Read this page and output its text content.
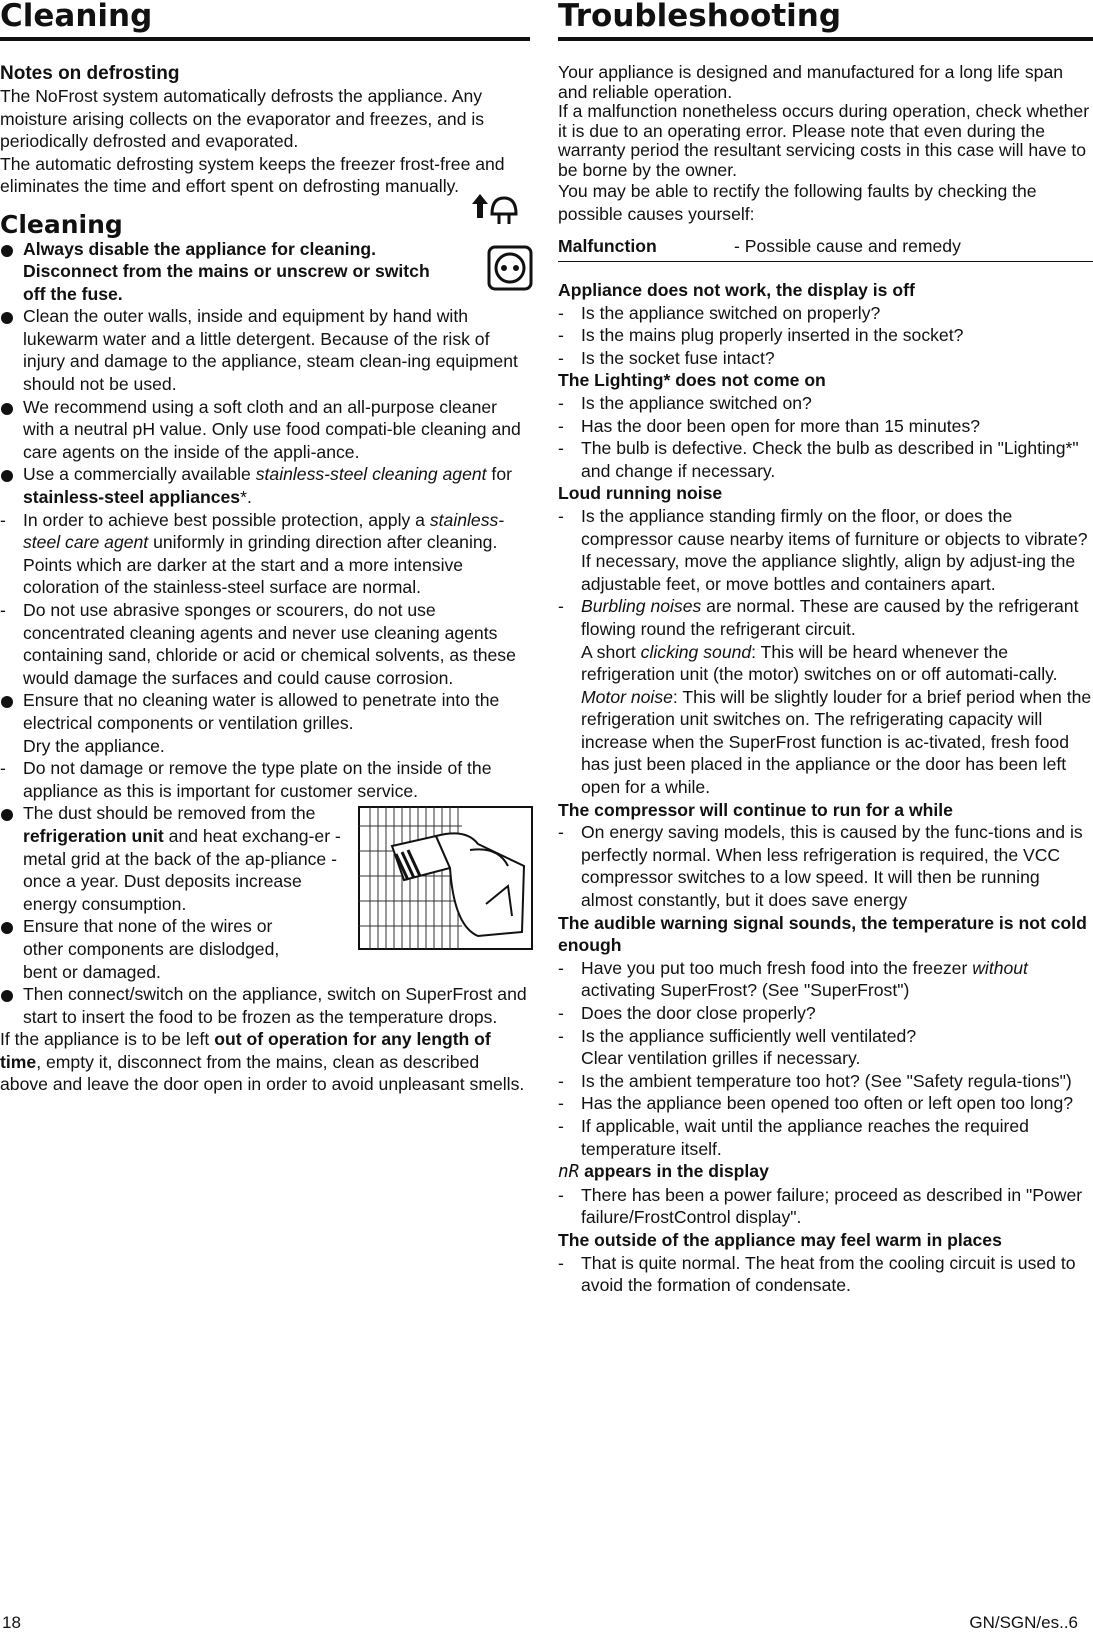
Cleaning
Notes on defrosting

The NoFrost system automatically defrosts the appliance. Any moisture arising collects on the evaporator and freezes, and is periodically defrosted and evaporated.

The automatic defrosting system keeps the freezer frost-free and eliminates the time and effort spent on defrosting manually.

Cleaning
Always disable the appliance for cleaning. Disconnect from the mains or unscrew or switch off the fuse.
Clean the outer walls, inside and equipment by hand with lukewarm water and a little detergent. Because of the risk of injury and damage to the appliance, steam clean-ing equipment should not be used.
We recommend using a soft cloth and an all-purpose cleaner with a neutral pH value. Only use food compati-ble cleaning and care agents on the inside of the appli-ance.
Use a commercially available stainless-steel cleaning agent for stainless-steel appliances*.
- In order to achieve best possible protection, apply a stainless-steel care agent uniformly in grinding direction after cleaning. Points which are darker at the start and a more intensive coloration of the stainless-steel surface are normal.
- Do not use abrasive sponges or scourers, do not use concentrated cleaning agents and never use cleaning agents containing sand, chloride or acid or chemical solvents, as these would damage the surfaces and could cause corrosion.
Ensure that no cleaning water is allowed to penetrate into the electrical components or ventilation grilles.
Dry the appliance.
- Do not damage or remove the type plate on the inside of the appliance as this is important for customer service.
The dust should be removed from the refrigeration unit and heat exchang-er - metal grid at the back of the ap-pliance - once a year. Dust deposits increase energy consumption.
Ensure that none of the wires or other components are dislodged, bent or damaged.
Then connect/switch on the appliance, switch on SuperFrost and start to insert the food to be frozen as the temperature drops.

If the appliance is to be left out of operation for any length of time, empty it, disconnect from the mains, clean as described above and leave the door open in order to avoid unpleasant smells.

Troubleshooting

Your appliance is designed and manufactured for a long life span and reliable operation.

If a malfunction nonetheless occurs during operation, check whether it is due to an operating error. Please note that even during the warranty period the resultant servicing costs in this case will have to be borne by the owner.

You may be able to rectify the following faults by checking the possible causes yourself:

Malfunction	- Possible cause and remedy
Appliance does not work, the display is off
- Is the appliance switched on properly?
- Is the mains plug properly inserted in the socket?
- Is the socket fuse intact?
The Lighting* does not come on
- Is the appliance switched on?
- Has the door been open for more than 15 minutes?
- The bulb is defective. Check the bulb as described in "Lighting*" and change if necessary.
Loud running noise
- Is the appliance standing firmly on the floor, or does the compressor cause nearby items of furniture or objects to vibrate?
If necessary, move the appliance slightly, align by adjust-ing the adjustable feet, or move bottles and containers apart.
- Burbling noises are normal. These are caused by the refrigerant flowing round the refrigerant circuit.
A short clicking sound: This will be heard whenever the refrigeration unit (the motor) switches on or off automati-cally.
Motor noise: This will be slightly louder for a brief period when the refrigeration unit switches on. The refrigerating capacity will increase when the SuperFrost function is ac-tivated, fresh food has just been placed in the appliance or the door has been left open for a while.
The compressor will continue to run for a while
- On energy saving models, this is caused by the func-tions and is perfectly normal. When less refrigeration is required, the VCC compressor switches to a low speed. It will then be running almost constantly, but it does save energy
The audible warning signal sounds, the temperature is not cold enough
- Have you put too much fresh food into the freezer without activating SuperFrost? (See "SuperFrost")
- Does the door close properly?
- Is the appliance sufficiently well ventilated?
Clear ventilation grilles if necessary.
- Is the ambient temperature too hot? (See "Safety regula-tions")
- Has the appliance been opened too often or left open too long?
- If applicable, wait until the appliance reaches the required temperature itself.
nR appears in the display
- There has been a power failure; proceed as described in "Power failure/FrostControl display".
The outside of the appliance may feel warm in places
- That is quite normal. The heat from the cooling circuit is used to avoid the formation of condensate.
18	GN/SGN/es..6
